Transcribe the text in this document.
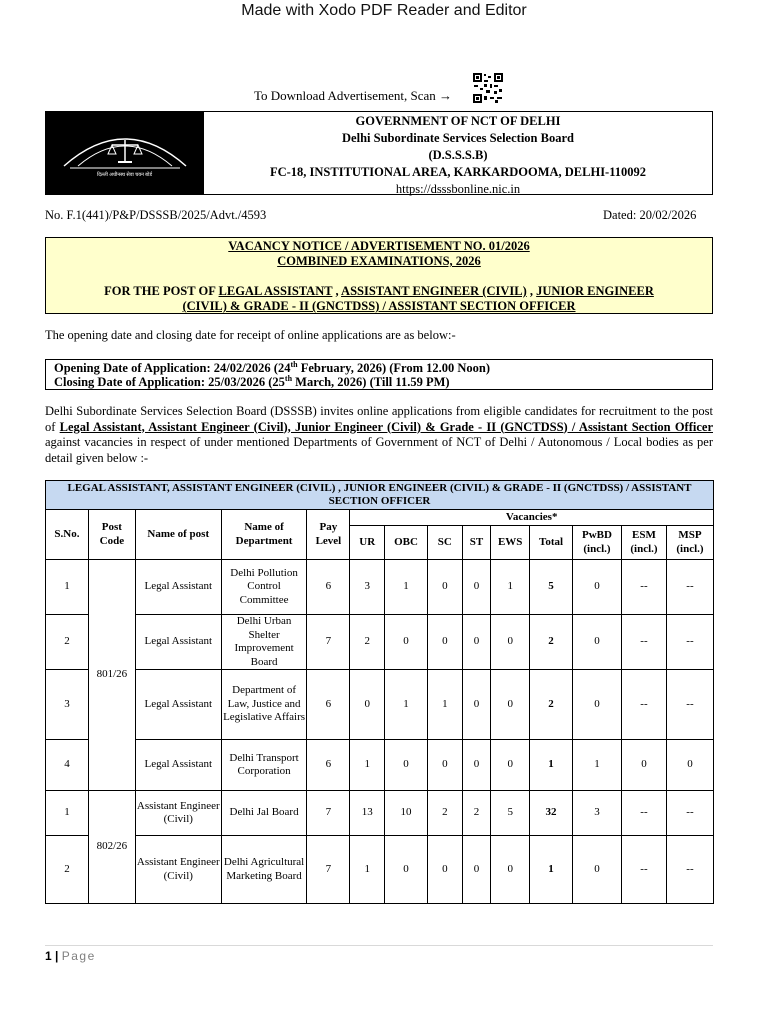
Made with Xodo PDF Reader and Editor
To Download Advertisement, Scan →
दिल्ली अधीनस्थ सेवा चयन बोर्ड
GOVERNMENT OF NCT OF DELHI
Delhi Subordinate Services Selection Board
(D.S.S.S.B)
FC-18, INSTITUTIONAL AREA, KARKARDOOMA, DELHI-110092
https://dsssbonline.nic.in
No. F.1(441)/P&P/DSSSB/2025/Advt./4593	Dated: 20/02/2026
VACANCY NOTICE / ADVERTISEMENT NO. 01/2026
COMBINED EXAMINATIONS, 2026
FOR THE POST OF LEGAL ASSISTANT , ASSISTANT ENGINEER (CIVIL) , JUNIOR ENGINEER
(CIVIL) & GRADE - II (GNCTDSS) / ASSISTANT SECTION OFFICER
The opening date and closing date for receipt of online applications are as below:-
Opening Date of Application: 24/02/2026 (24th February, 2026) (From 12.00 Noon)
Closing Date of Application: 25/03/2026 (25th March, 2026) (Till 11.59 PM)
Delhi Subordinate Services Selection Board (DSSSB) invites online applications from eligible candidates for recruitment to the post of Legal Assistant, Assistant Engineer (Civil), Junior Engineer (Civil) & Grade - II (GNCTDSS) / Assistant Section Officer against vacancies in respect of under mentioned Departments of Government of NCT of Delhi / Autonomous / Local bodies as per detail given below :-
LEGAL ASSISTANT, ASSISTANT ENGINEER (CIVIL) , JUNIOR ENGINEER (CIVIL) & GRADE - II (GNCTDSS) / ASSISTANT SECTION OFFICER													
S.No.	Post Code	Name of post	Name of Department	Pay Level	Vacancies*								
					UR	OBC	SC	ST	EWS	Total	PwBD (incl.)	ESM (incl.)	MSP (incl.)
1	801/26	Legal Assistant	Delhi Pollution Control Committee	6	3	1	0	0	1	5	0	--	--
2		Legal Assistant	Delhi Urban Shelter Improvement Board	7	2	0	0	0	0	2	0	--	--
3		Legal Assistant	Department of Law, Justice and Legislative Affairs	6	0	1	1	0	0	2	0	--	--
4		Legal Assistant	Delhi Transport Corporation	6	1	0	0	0	0	1	1	0	0
1	802/26	Assistant Engineer (Civil)	Delhi Jal Board	7	13	10	2	2	5	32	3	--	--
2		Assistant Engineer (Civil)	Delhi Agricultural Marketing Board	7	1	0	0	0	0	1	0	--	--
1 | Page
